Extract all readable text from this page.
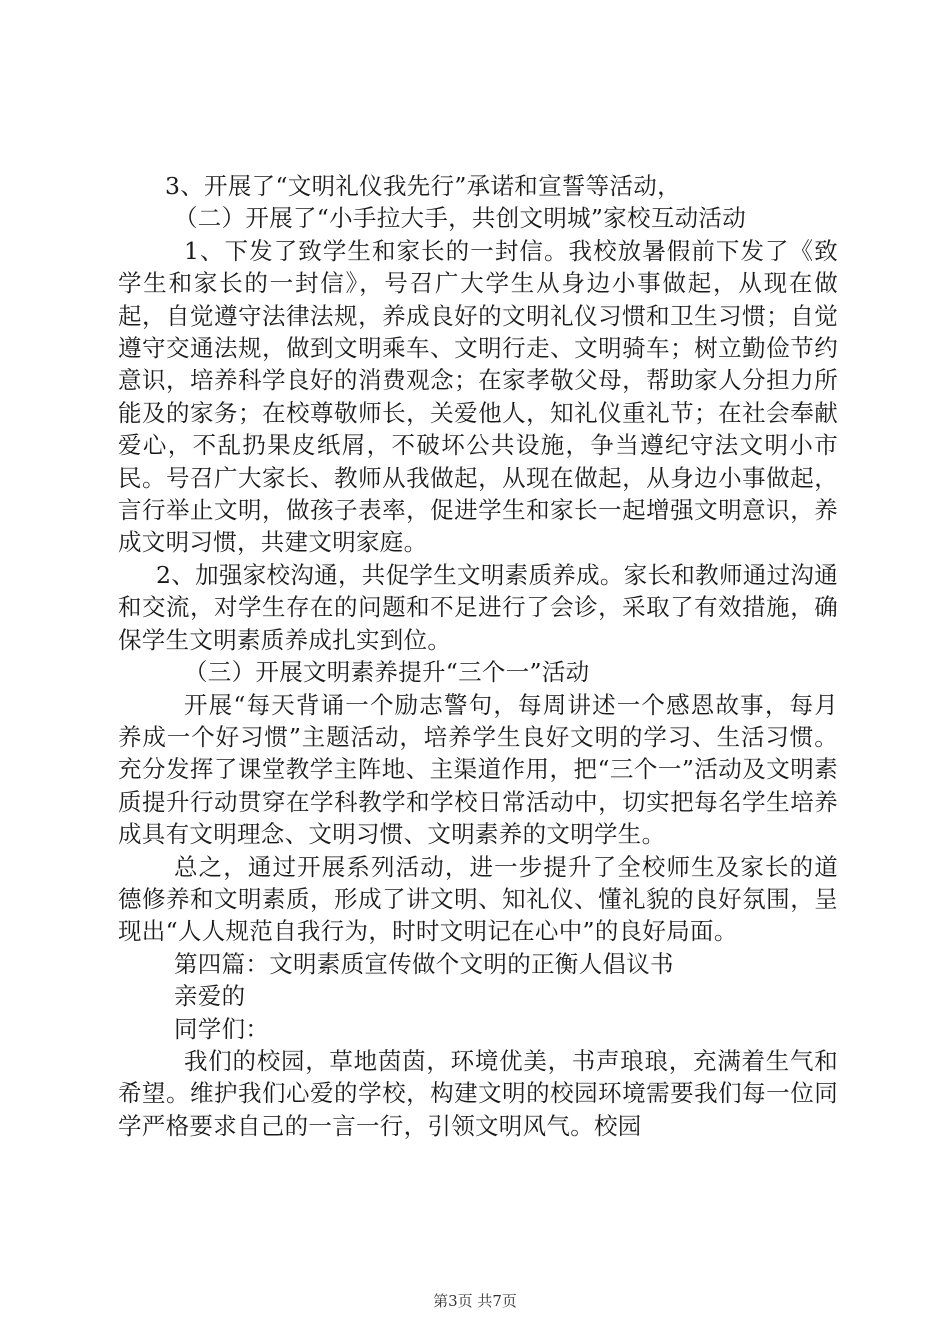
3、开展了“文明礼仪我先行”承诺和宣誓等活动，

（二）开展了“小手拉大手，共创文明城”家校互动活动

1、下发了致学生和家长的一封信。我校放暑假前下发了《致学生和家长的一封信》，号召广大学生从身边小事做起，从现在做起，自觉遵守法律法规，养成良好的文明礼仪习惯和卫生习惯；自觉遵守交通法规，做到文明乘车、文明行走、文明骑车；树立勤俭节约意识，培养科学良好的消费观念；在家孝敬父母，帮助家人分担力所能及的家务；在校尊敬师长，关爱他人，知礼仪重礼节；在社会奉献爱心，不乱扔果皮纸屑，不破坏公共设施，争当遵纪守法文明小市民。号召广大家长、教师从我做起，从现在做起，从身边小事做起，言行举止文明，做孩子表率，促进学生和家长一起增强文明意识，养成文明习惯，共建文明家庭。

2、加强家校沟通，共促学生文明素质养成。家长和教师通过沟通和交流，对学生存在的问题和不足进行了会诊，采取了有效措施，确保学生文明素质养成扎实到位。

（三）开展文明素养提升“三个一”活动

开展“每天背诵一个励志警句，每周讲述一个感恩故事，每月养成一个好习惯”主题活动，培养学生良好文明的学习、生活习惯。充分发挥了课堂教学主阵地、主渠道作用，把“三个一”活动及文明素质提升行动贯穿在学科教学和学校日常活动中，切实把每名学生培养成具有文明理念、文明习惯、文明素养的文明学生。

总之，通过开展系列活动，进一步提升了全校师生及家长的道德修养和文明素质，形成了讲文明、知礼仪、懂礼貌的良好氛围，呈现出“人人规范自我行为，时时文明记在心中”的良好局面。

第四篇：文明素质宣传做个文明的正衡人倡议书

亲爱的

同学们：

我们的校园，草地茵茵，环境优美，书声琅琅，充满着生气和希望。维护我们心爱的学校，构建文明的校园环境需要我们每一位同学严格要求自己的一言一行，引领文明风气。校园

第3页 共7页
